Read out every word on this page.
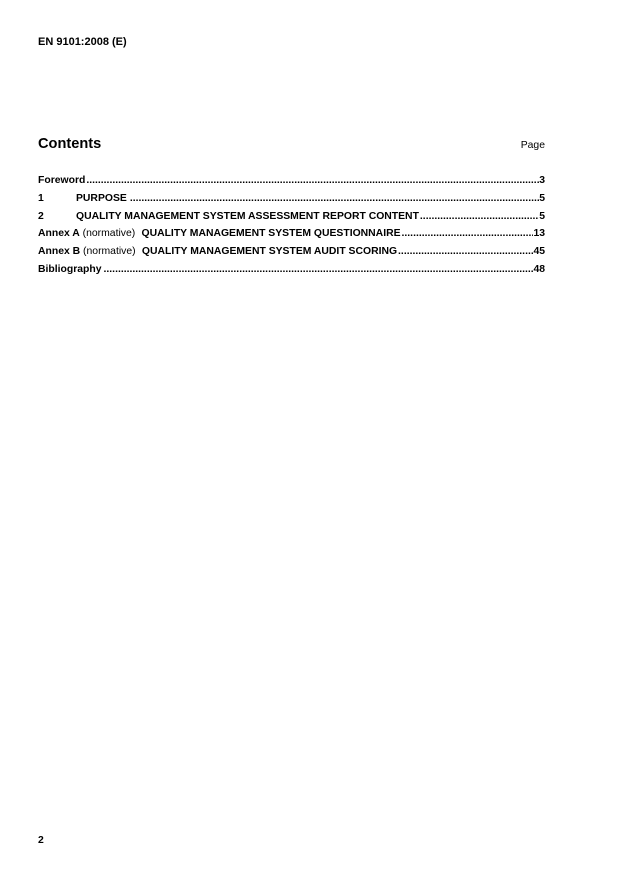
EN 9101:2008 (E)
Contents	Page
Foreword .....	3
1	PURPOSE .....	5
2	QUALITY MANAGEMENT SYSTEM ASSESSMENT REPORT CONTENT .....	5
Annex A (normative) QUALITY MANAGEMENT SYSTEM QUESTIONNAIRE .....	13
Annex B (normative) QUALITY MANAGEMENT SYSTEM AUDIT SCORING .....	45
Bibliography .....	48
2
